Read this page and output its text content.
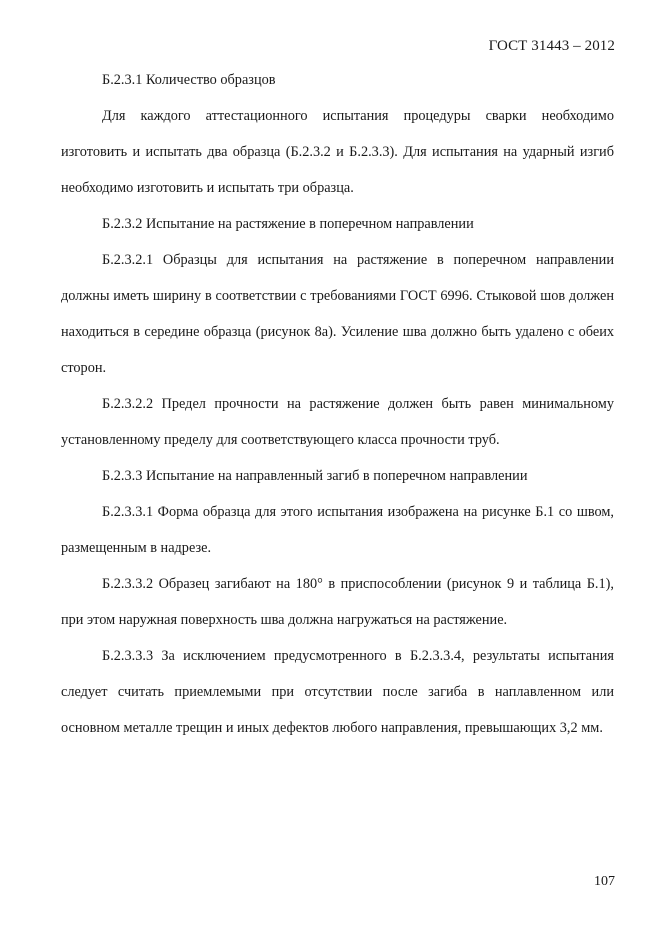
ГОСТ 31443 – 2012

Б.2.3.1 Количество образцов

Для каждого аттестационного испытания процедуры сварки необходимо изготовить и испытать два образца (Б.2.3.2 и Б.2.3.3). Для испытания на ударный изгиб необходимо изготовить и испытать три образца.

Б.2.3.2 Испытание на растяжение в поперечном направлении

Б.2.3.2.1 Образцы для испытания на растяжение в поперечном направлении должны иметь ширину в соответствии с требованиями ГОСТ 6996. Стыковой шов должен находиться в середине образца (рисунок 8а). Усиление шва должно быть удалено с обеих сторон.

Б.2.3.2.2 Предел прочности на растяжение должен быть равен минимальному установленному пределу для соответствующего класса прочности труб.

Б.2.3.3 Испытание на направленный загиб в поперечном направлении

Б.2.3.3.1 Форма образца для этого испытания изображена на рисунке Б.1 со швом, размещенным в надрезе.

Б.2.3.3.2 Образец загибают на 180° в приспособлении (рисунок 9 и таблица Б.1), при этом наружная поверхность шва должна нагружаться на растяжение.

Б.2.3.3.3 За исключением предусмотренного в Б.2.3.3.4, результаты испытания следует считать приемлемыми при отсутствии после загиба в наплавленном или основном металле трещин и иных дефектов любого направления, превышающих 3,2 мм.

107
